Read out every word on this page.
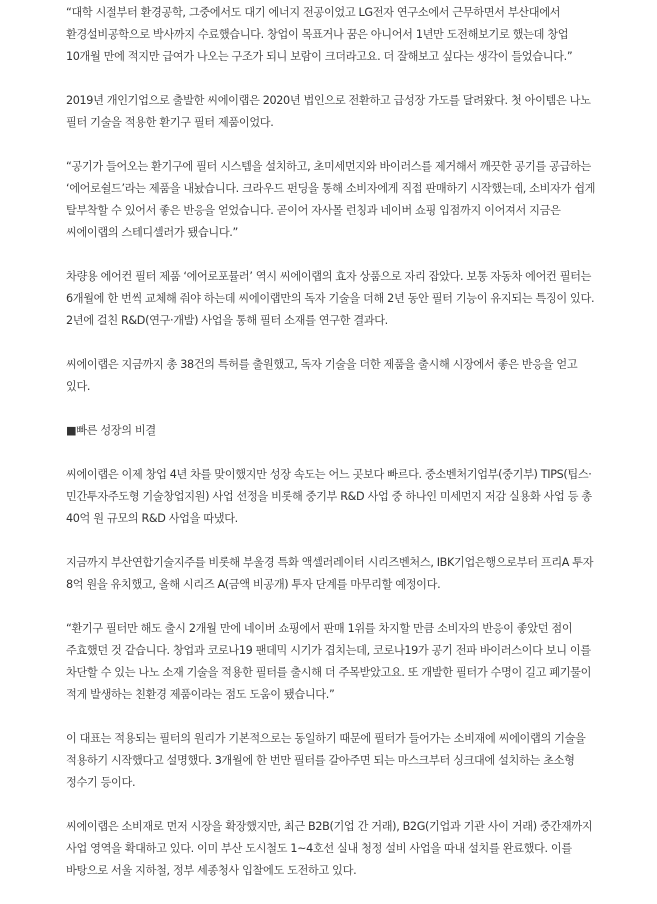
“대학 시절부터 환경공학, 그중에서도 대기 에너지 전공이었고 LG전자 연구소에서 근무하면서 부산대에서 환경설비공학으로 박사까지 수료했습니다. 창업이 목표거나 꿈은 아니어서 1년만 도전해보기로 했는데 창업 10개월 만에 적지만 급여가 나오는 구조가 되니 보람이 크더라고요. 더 잘해보고 싶다는 생각이 들었습니다.”

2019년 개인기업으로 출발한 씨에이랩은 2020년 법인으로 전환하고 급성장 가도를 달려왔다. 첫 아이템은 나노 필터 기술을 적용한 환기구 필터 제품이었다.

“공기가 들어오는 환기구에 필터 시스템을 설치하고, 초미세먼지와 바이러스를 제거해서 깨끗한 공기를 공급하는 ‘에어로쉴드’라는 제품을 내놨습니다. 크라우드 펀딩을 통해 소비자에게 직접 판매하기 시작했는데, 소비자가 쉽게 탈부착할 수 있어서 좋은 반응을 얻었습니다. 곧이어 자사몰 런칭과 네이버 쇼핑 입점까지 이어져서 지금은 씨에이랩의 스테디셀러가 됐습니다.”

차량용 에어컨 필터 제품 ‘에어로포뮬러’ 역시 씨에이랩의 효자 상품으로 자리 잡았다. 보통 자동차 에어컨 필터는 6개월에 한 번씩 교체해 줘야 하는데 씨에이랩만의 독자 기술을 더해 2년 동안 필터 기능이 유지되는 특징이 있다. 2년에 걸친 R&D(연구·개발) 사업을 통해 필터 소재를 연구한 결과다.

씨에이랩은 지금까지 총 38건의 특허를 출원했고, 독자 기술을 더한 제품을 출시해 시장에서 좋은 반응을 얻고 있다.

■빠른 성장의 비결

씨에이랩은 이제 창업 4년 차를 맞이했지만 성장 속도는 어느 곳보다 빠르다. 중소벤처기업부(중기부) TIPS(팁스·민간투자주도형 기술창업지원) 사업 선정을 비롯해 중기부 R&D 사업 중 하나인 미세먼지 저감 실용화 사업 등 총 40억 원 규모의 R&D 사업을 따냈다.

지금까지 부산연합기술지주를 비롯해 부울경 특화 액셀러레이터 시리즈벤처스, IBK기업은행으로부터 프리A 투자 8억 원을 유치했고, 올해 시리즈 A(금액 비공개) 투자 단계를 마무리할 예정이다.

“환기구 필터만 해도 출시 2개월 만에 네이버 쇼핑에서 판매 1위를 차지할 만큼 소비자의 반응이 좋았던 점이 주효했던 것 같습니다. 창업과 코로나19 팬데믹 시기가 겹치는데, 코로나19가 공기 전파 바이러스이다 보니 이를 차단할 수 있는 나노 소재 기술을 적용한 필터를 출시해 더 주목받았고요. 또 개발한 필터가 수명이 길고 폐기물이 적게 발생하는 친환경 제품이라는 점도 도움이 됐습니다.”

이 대표는 적용되는 필터의 원리가 기본적으로는 동일하기 때문에 필터가 들어가는 소비재에 씨에이랩의 기술을 적용하기 시작했다고 설명했다. 3개월에 한 번만 필터를 갈아주면 되는 마스크부터 싱크대에 설치하는 초소형 정수기 등이다.

씨에이랩은 소비재로 먼저 시장을 확장했지만, 최근 B2B(기업 간 거래), B2G(기업과 기관 사이 거래) 중간재까지 사업 영역을 확대하고 있다. 이미 부산 도시철도 1~4호선 실내 청정 설비 사업을 따내 설치를 완료했다. 이를 바탕으로 서울 지하철, 정부 세종청사 입찰에도 도전하고 있다.
